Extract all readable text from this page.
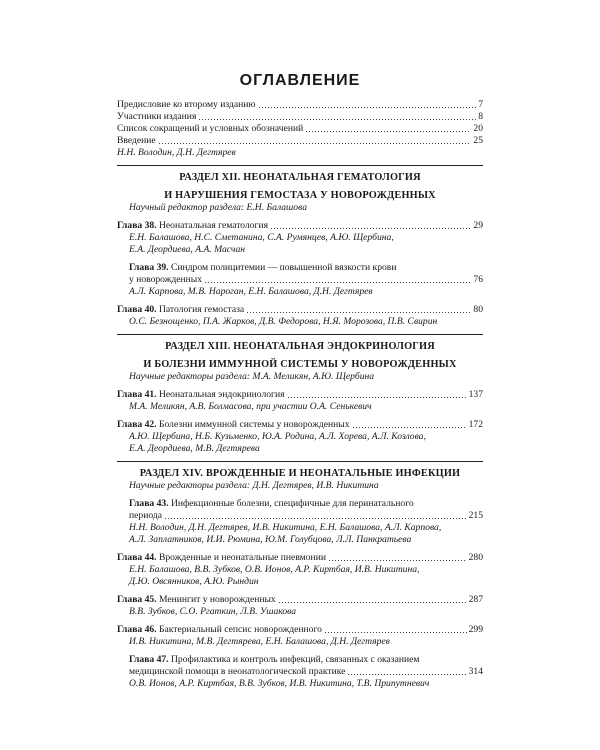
ОГЛАВЛЕНИЕ
Предисловие ко второму изданию	7
Участники издания	8
Список сокращений и условных обозначений	20
Введение	25
Н.Н. Володин, Д.Н. Дегтярев
РАЗДЕЛ XII. НЕОНАТАЛЬНАЯ ГЕМАТОЛОГИЯ
И НАРУШЕНИЯ ГЕМОСТАЗА У НОВОРОЖДЕННЫХ
Научный редактор раздела: Е.Н. Балашова
Глава 38. Неонатальная гематология	29
Е.Н. Балашова, Н.С. Сметанина, С.А. Румянцев, А.Ю. Щербина,
Е.А. Деордиева, А.А. Масчан
Глава 39. Синдром полицитемии — повышенной вязкости крови
у новорожденных	76
А.Л. Карпова, М.В. Нароган, Е.Н. Балашова, Д.Н. Дегтярев
Глава 40. Патология гемостаза	80
О.С. Безнощенко, П.А. Жарков, Д.В. Федорова, Н.Я. Морозова, П.В. Свирин
РАЗДЕЛ XIII. НЕОНАТАЛЬНАЯ ЭНДОКРИНОЛОГИЯ
И БОЛЕЗНИ ИММУННОЙ СИСТЕМЫ У НОВОРОЖДЕННЫХ
Научные редакторы раздела: М.А. Меликян, А.Ю. Щербина
Глава 41. Неонатальная эндокринология	137
М.А. Меликян, А.В. Болмасова, при участии О.А. Сенькевич
Глава 42. Болезни иммунной системы у новорожденных	172
А.Ю. Щербина, Н.Б. Кузьменко, Ю.А. Родина, А.Л. Хорева, А.Л. Козлова,
Е.А. Деордиева, М.В. Дегтярева
РАЗДЕЛ XIV. ВРОЖДЕННЫЕ И НЕОНАТАЛЬНЫЕ ИНФЕКЦИИ
Научные редакторы раздела: Д.Н. Дегтярев, И.В. Никитина
Глава 43. Инфекционные болезни, специфичные для перинатального
периода	215
Н.Н. Володин, Д.Н. Дегтярев, И.В. Никитина, Е.Н. Балашова, А.Л. Карпова,
А.Л. Заплатников, И.И. Рюмина, Ю.М. Голубцова, Л.Л. Панкратьева
Глава 44. Врожденные и неонатальные пневмонии	280
Е.Н. Балашова, В.В. Зубков, О.В. Ионов, А.Р. Киртбая, И.В. Никитина,
Д.Ю. Овсянников, А.Ю. Рындин
Глава 45. Менингит у новорожденных	287
В.В. Зубков, С.О. Ргаткин, Л.В. Ушакова
Глава 46. Бактериальный сепсис новорожденного	299
И.В. Никитина, М.В. Дегтярева, Е.Н. Балашова, Д.Н. Дегтярев
Глава 47. Профилактика и контроль инфекций, связанных с оказанием
медицинской помощи в неонатологической практике	314
О.В. Ионов, А.Р. Киртбая, В.В. Зубков, И.В. Никитина, Т.В. Припутневич
